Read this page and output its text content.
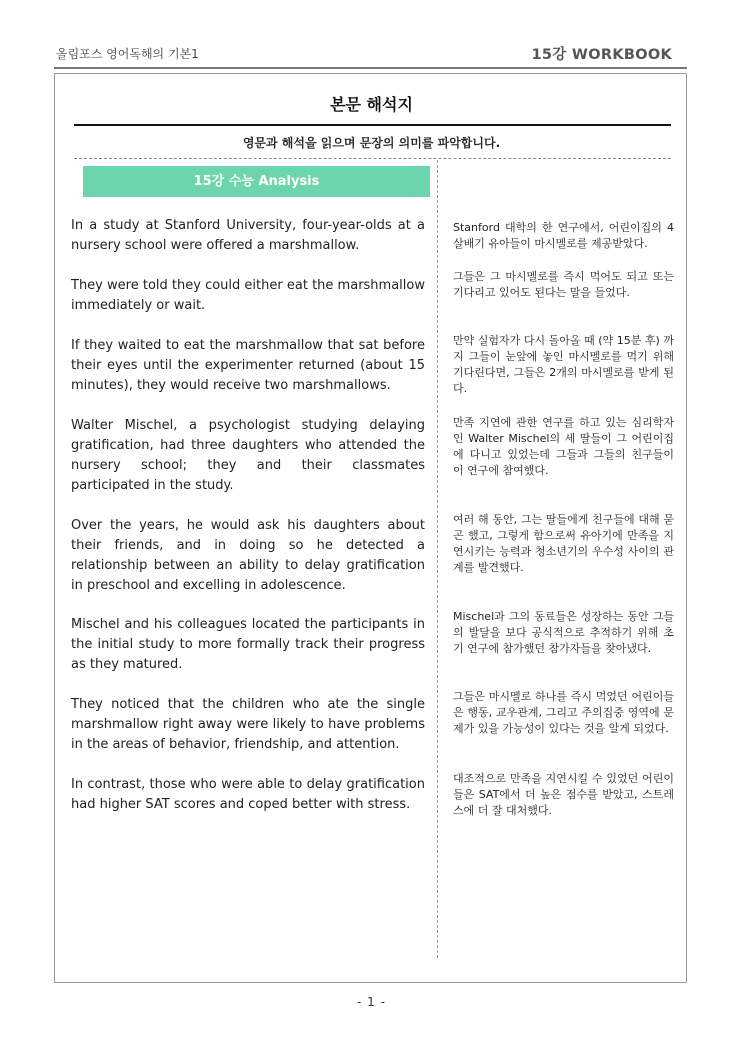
올림포스 영어독해의 기본1	15강 WORKBOOK
본문 해석지
영문과 해석을 읽으며 문장의 의미를 파악합니다.
15강 수능 Analysis
In a study at Stanford University, four-year-olds at a nursery school were offered a marshmallow.
Stanford 대학의 한 연구에서, 어린이집의 4살배기 유아들이 마시멜로를 제공받았다.
They were told they could either eat the marshmallow immediately or wait.
그들은 그 마시멜로를 즉시 먹어도 되고 또는 기다리고 있어도 된다는 말을 들었다.
If they waited to eat the marshmallow that sat before their eyes until the experimenter returned (about 15 minutes), they would receive two marshmallows.
만약 실험자가 다시 돌아올 때 (약 15분 후) 까지 그들이 눈앞에 놓인 마시멜로를 먹기 위해 기다린다면, 그들은 2개의 마시멜로를 받게 된다.
Walter Mischel, a psychologist studying delaying gratification, had three daughters who attended the nursery school; they and their classmates participated in the study.
만족 지연에 관한 연구를 하고 있는 심리학자인 Walter Mischel의 세 딸들이 그 어린이집에 다니고 있었는데 그들과 그들의 친구들이 이 연구에 참여했다.
Over the years, he would ask his daughters about their friends, and in doing so he detected a relationship between an ability to delay gratification in preschool and excelling in adolescence.
여러 해 동안, 그는 딸들에게 친구들에 대해 묻곤 했고, 그렇게 함으로써 유아기에 만족을 지연시키는 능력과 청소년기의 우수성 사이의 관계를 발견했다.
Mischel and his colleagues located the participants in the initial study to more formally track their progress as they matured.
Mischel과 그의 동료들은 성장하는 동안 그들의 발달을 보다 공식적으로 추적하기 위해 초기 연구에 참가했던 참가자들을 찾아냈다.
They noticed that the children who ate the single marshmallow right away were likely to have problems in the areas of behavior, friendship, and attention.
그들은 마시멜로 하나를 즉시 먹었던 어린이들은 행동, 교우관계, 그리고 주의집중 영역에 문제가 있을 가능성이 있다는 것을 알게 되었다.
In contrast, those who were able to delay gratification had higher SAT scores and coped better with stress.
대조적으로 만족을 지연시킬 수 있었던 어린이들은 SAT에서 더 높은 점수를 받았고, 스트레스에 더 잘 대처했다.
- 1 -
